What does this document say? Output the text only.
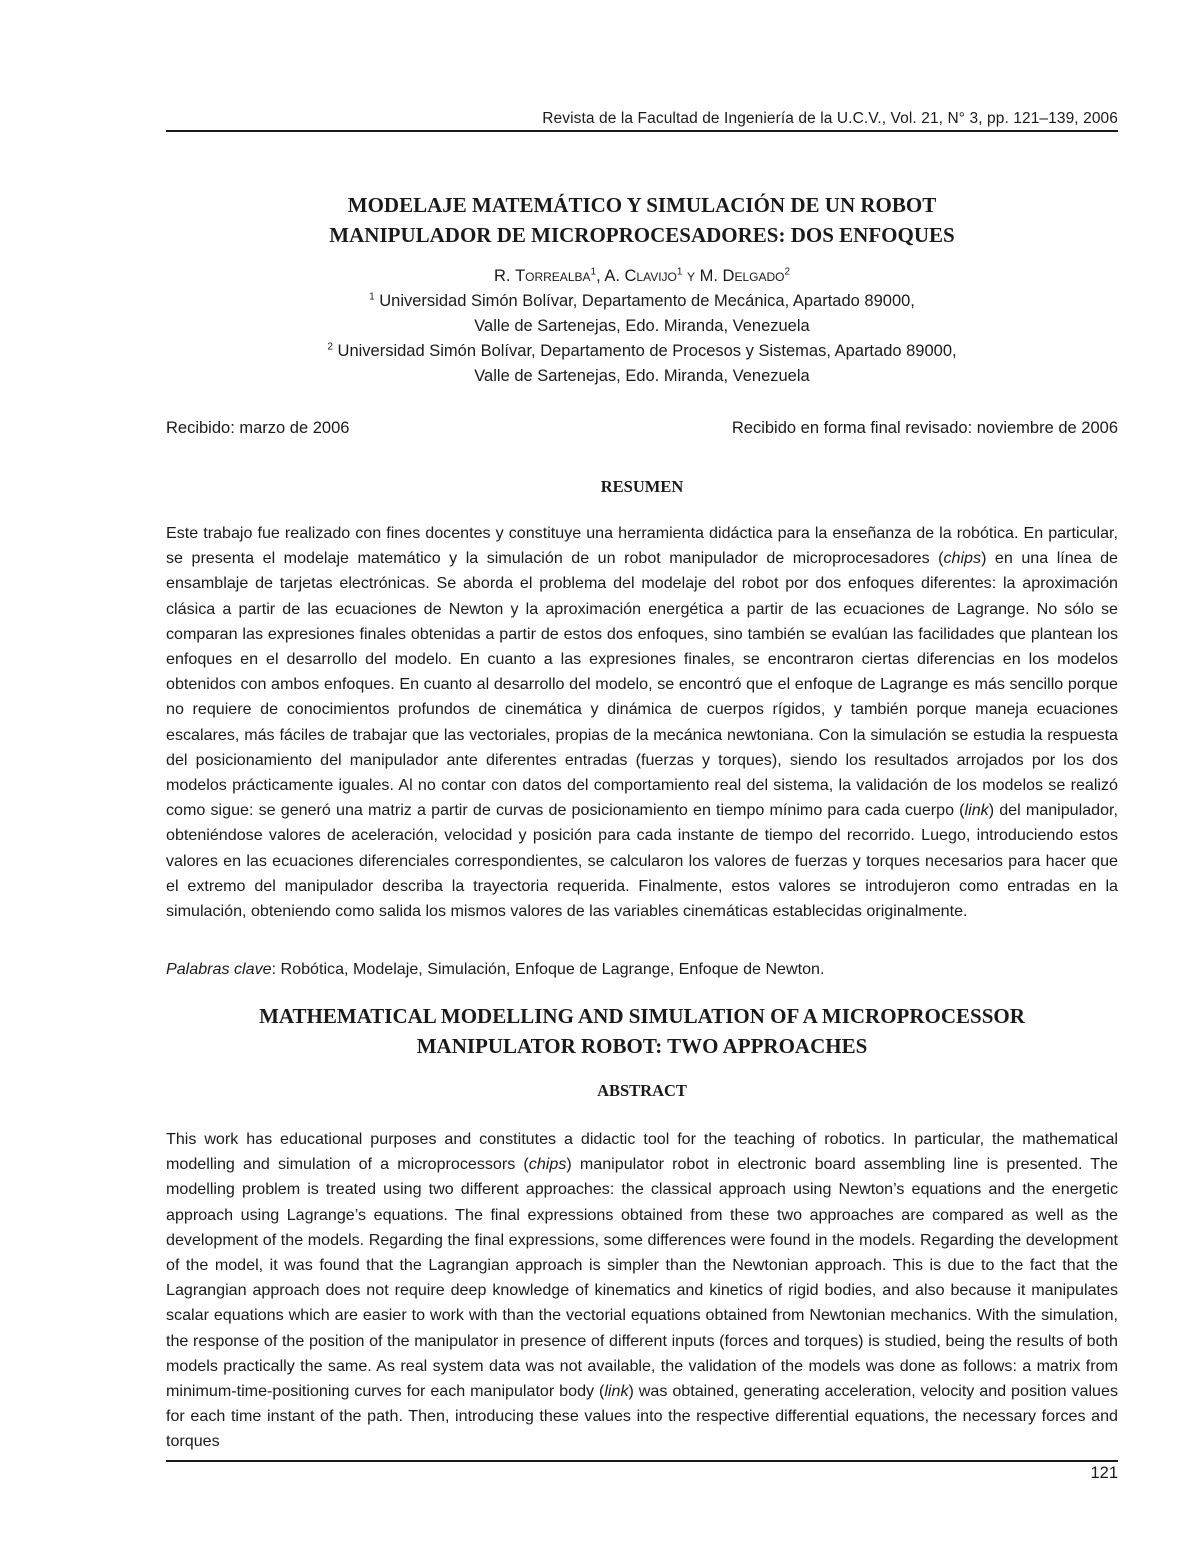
Revista de la Facultad de Ingeniería de la U.C.V., Vol. 21, N° 3, pp. 121–139, 2006
MODELAJE MATEMÁTICO Y SIMULACIÓN DE UN ROBOT
MANIPULADOR DE MICROPROCESADORES: DOS ENFOQUES
R. Torrealba$^1$, A. Clavijo$^1$ y M. Delgado$^2$
$^1$ Universidad Simón Bolívar, Departamento de Mecánica, Apartado 89000,
Valle de Sartenejas, Edo. Miranda, Venezuela
$^2$ Universidad Simón Bolívar, Departamento de Procesos y Sistemas, Apartado 89000,
Valle de Sartenejas, Edo. Miranda, Venezuela
Recibido: marzo de 2006	Recibido en forma final revisado: noviembre de 2006
RESUMEN

Este trabajo fue realizado con fines docentes y constituye una herramienta didáctica para la enseñanza de la robótica. En particular, se presenta el modelaje matemático y la simulación de un robot manipulador de microprocesadores (chips) en una línea de ensamblaje de tarjetas electrónicas. Se aborda el problema del modelaje del robot por dos enfoques diferentes: la aproximación clásica a partir de las ecuaciones de Newton y la aproximación energética a partir de las ecuaciones de Lagrange. No sólo se comparan las expresiones finales obtenidas a partir de estos dos enfoques, sino también se evalúan las facilidades que plantean los enfoques en el desarrollo del modelo. En cuanto a las expresiones finales, se encontraron ciertas diferencias en los modelos obtenidos con ambos enfoques. En cuanto al desarrollo del modelo, se encontró que el enfoque de Lagrange es más sencillo porque no requiere de conocimientos profundos de cinemática y dinámica de cuerpos rígidos, y también porque maneja ecuaciones escalares, más fáciles de trabajar que las vectoriales, propias de la mecánica newtoniana. Con la simulación se estudia la respuesta del posicionamiento del manipulador ante diferentes entradas (fuerzas y torques), siendo los resultados arrojados por los dos modelos prácticamente iguales. Al no contar con datos del comportamiento real del sistema, la validación de los modelos se realizó como sigue: se generó una matriz a partir de curvas de posicionamiento en tiempo mínimo para cada cuerpo (link) del manipulador, obteniéndose valores de aceleración, velocidad y posición para cada instante de tiempo del recorrido. Luego, introduciendo estos valores en las ecuaciones diferenciales correspondientes, se calcularon los valores de fuerzas y torques necesarios para hacer que el extremo del manipulador describa la trayectoria requerida. Finalmente, estos valores se introdujeron como entradas en la simulación, obteniendo como salida los mismos valores de las variables cinemáticas establecidas originalmente.

Palabras clave: Robótica, Modelaje, Simulación, Enfoque de Lagrange, Enfoque de Newton.
MATHEMATICAL MODELLING AND SIMULATION OF A MICROPROCESSOR
MANIPULATOR ROBOT: TWO APPROACHES
ABSTRACT

This work has educational purposes and constitutes a didactic tool for the teaching of robotics. In particular, the mathematical modelling and simulation of a microprocessors (chips) manipulator robot in electronic board assembling line is presented. The modelling problem is treated using two different approaches: the classical approach using Newton’s equations and the energetic approach using Lagrange’s equations. The final expressions obtained from these two approaches are compared as well as the development of the models. Regarding the final expressions, some differences were found in the models. Regarding the development of the model, it was found that the Lagrangian approach is simpler than the Newtonian approach. This is due to the fact that the Lagrangian approach does not require deep knowledge of kinematics and kinetics of rigid bodies, and also because it manipulates scalar equations which are easier to work with than the vectorial equations obtained from Newtonian mechanics. With the simulation, the response of the position of the manipulator in presence of different inputs (forces and torques) is studied, being the results of both models practically the same. As real system data was not available, the validation of the models was done as follows: a matrix from minimum-time-positioning curves for each manipulator body (link) was obtained, generating acceleration, velocity and position values for each time instant of the path. Then, introducing these values into the respective differential equations, the necessary forces and torques

121
